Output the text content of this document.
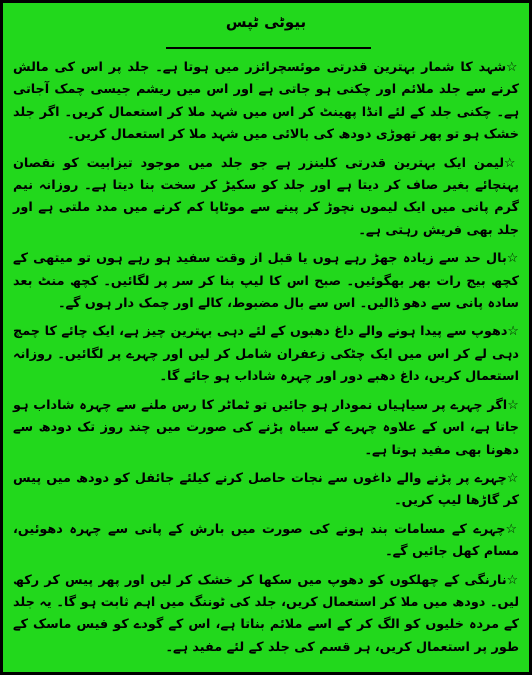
بیوٹی ٹپس

☆شہد کا شمار بہترین قدرتی موئسچرائزر میں ہوتا ہے۔ جلد پر اس کی مالش کرنے سے جلد ملائم اور چکنی ہو جاتی ہے اور اس میں ریشم جیسی چمک آجاتی ہے۔ چکنی جلد کے لئے انڈا پھینٹ کر اس میں شہد ملا کر استعمال کریں۔ اگر جلد خشک ہو تو پھر تھوڑی دودھ کی بالائی میں شہد ملا کر استعمال کریں۔

☆لیمن ایک بہترین قدرتی کلینزر ہے جو جلد میں موجود تیزابیت کو نقصان پہنچائے بغیر صاف کر دیتا ہے اور جلد کو سکیڑ کر سخت بنا دیتا ہے۔ روزانہ نیم گرم پانی میں ایک لیموں نچوڑ کر پینے سے موٹاپا کم کرنے میں مدد ملتی ہے اور جلد بھی فریش رہتی ہے۔

☆بال حد سے زیادہ جھڑ رہے ہوں یا قبل از وقت سفید ہو رہے ہوں تو میتھی کے کچھ بیج رات بھر بھگوئیں۔ صبح اس کا لیپ بنا کر سر پر لگائیں۔ کچھ منٹ بعد سادہ پانی سے دھو ڈالیں۔ اس سے بال مضبوط، کالے اور چمک دار ہوں گے۔

☆دھوپ سے پیدا ہونے والے داغ دھبوں کے لئے دہی بہترین چیز ہے، ایک چائے کا چمچ دہی لے کر اس میں ایک چٹکی زعفران شامل کر لیں اور چہرے پر لگائیں۔ روزانہ استعمال کریں، داغ دھبے دور اور چہرہ شاداب ہو جائے گا۔

☆اگر چہرے پر سیاہیاں نمودار ہو جائیں تو ٹماٹر کا رس ملنے سے چہرہ شاداب ہو جاتا ہے، اس کے علاوہ چہرے کے سیاہ پڑنے کی صورت میں چند روز تک دودھ سے دھونا بھی مفید ہوتا ہے۔

☆چہرے پر پڑنے والے داغوں سے نجات حاصل کرنے کیلئے جائفل کو دودھ میں پیس کر گاڑھا لیپ کریں۔

☆چہرے کے مسامات بند ہونے کی صورت میں بارش کے پانی سے چہرہ دھوئیں، مسام کھل جائیں گے۔

☆نارنگی کے چھلکوں کو دھوپ میں سکھا کر خشک کر لیں اور پھر پیس کر رکھ لیں۔ دودھ میں ملا کر استعمال کریں، جلد کی ٹوننگ میں اہم ثابت ہو گا۔ یہ جلد کے مردہ خلیوں کو الگ کر کے اسے ملائم بناتا ہے، اس کے گودے کو فیس ماسک کے طور پر استعمال کریں، ہر قسم کی جلد کے لئے مفید ہے۔
